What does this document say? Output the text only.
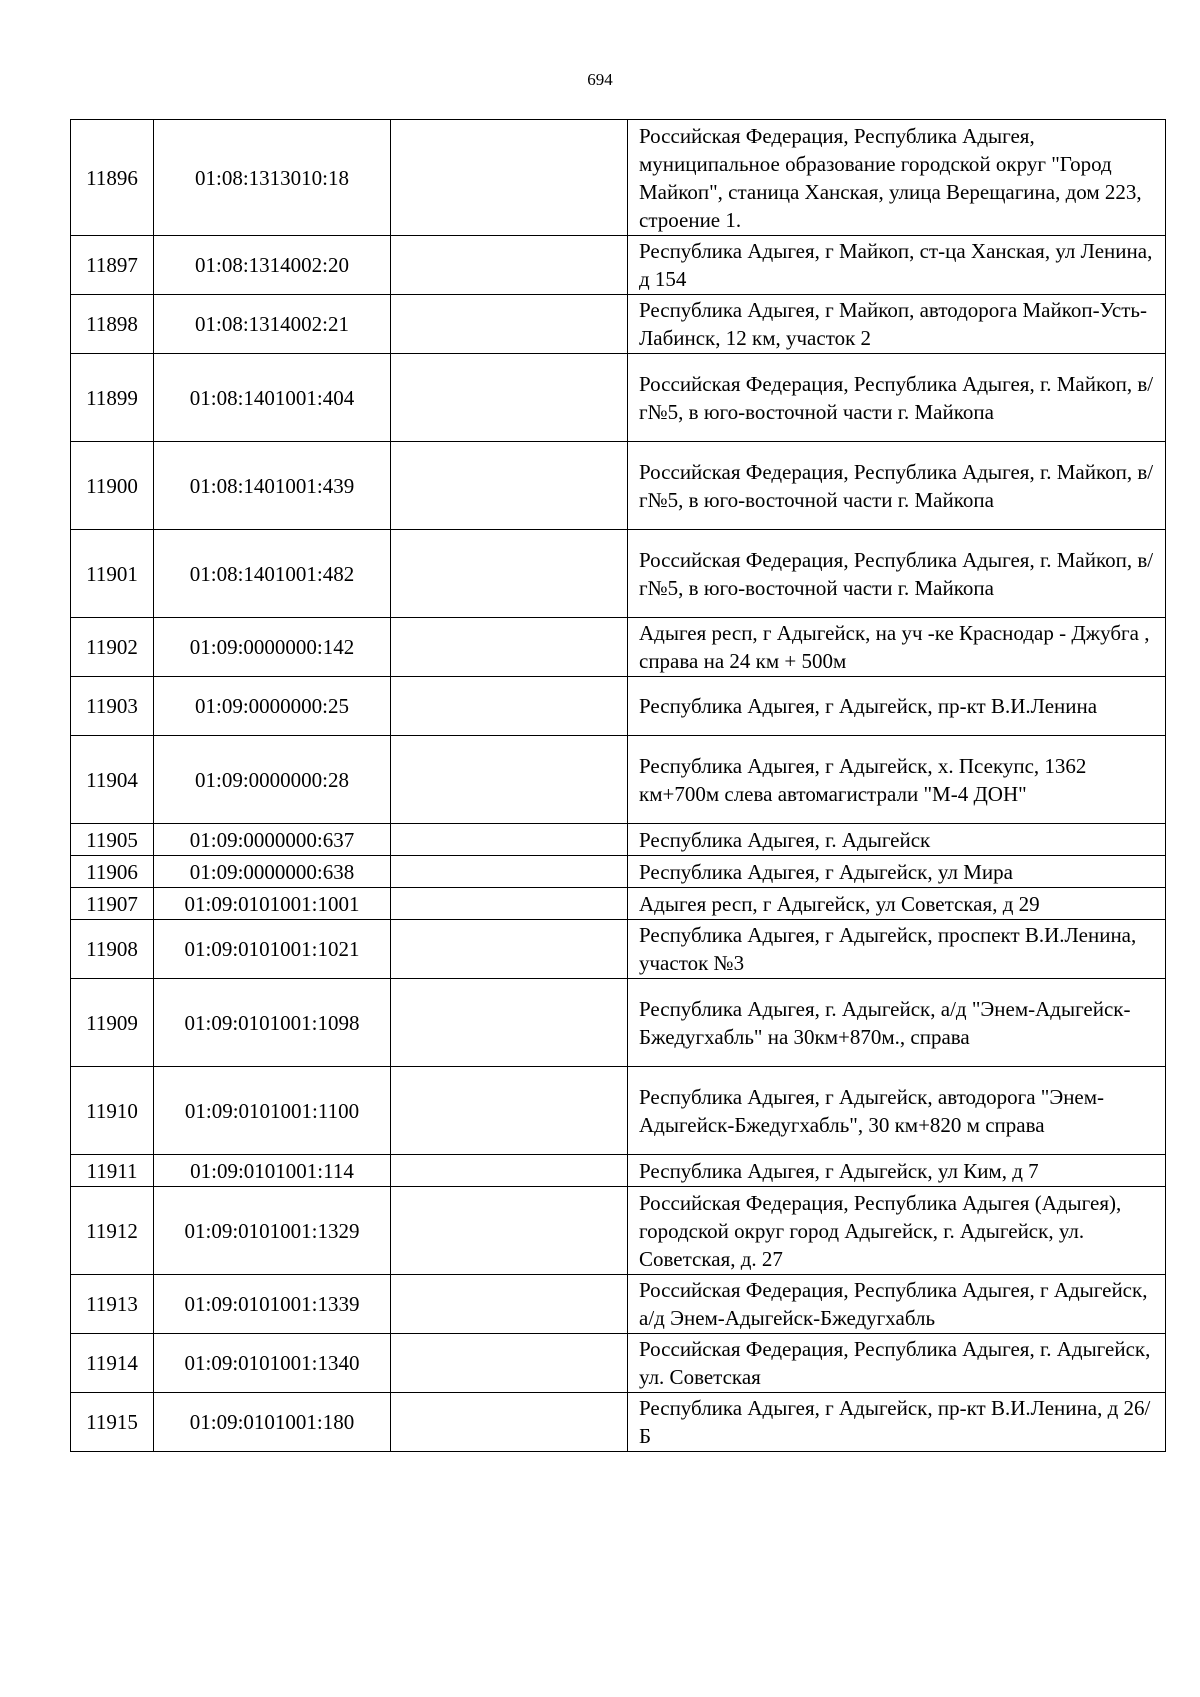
694
11896	01:08:1313010:18		Российская Федерация, Республика Адыгея, муниципальное образование городской округ "Город Майкоп", станица Ханская, улица Верещагина, дом 223, строение 1.
11897	01:08:1314002:20		Республика Адыгея, г Майкоп, ст-ца Ханская, ул Ленина, д 154
11898	01:08:1314002:21		Республика Адыгея, г Майкоп, автодорога Майкоп-Усть-Лабинск, 12 км, участок 2
11899	01:08:1401001:404		Российская Федерация, Республика Адыгея, г. Майкоп, в/г№5, в юго-восточной части г. Майкопа
11900	01:08:1401001:439		Российская Федерация, Республика Адыгея, г. Майкоп, в/г№5, в юго-восточной части г. Майкопа
11901	01:08:1401001:482		Российская Федерация, Республика Адыгея, г. Майкоп, в/г№5, в юго-восточной части г. Майкопа
11902	01:09:0000000:142		Адыгея респ, г Адыгейск, на уч -ке Краснодар - Джубга , справа на 24 км + 500м
11903	01:09:0000000:25		Республика Адыгея, г Адыгейск, пр-кт В.И.Ленина
11904	01:09:0000000:28		Республика Адыгея, г Адыгейск, х. Псекупс, 1362 км+700м слева автомагистрали "М-4 ДОН"
11905	01:09:0000000:637		Республика Адыгея, г. Адыгейск
11906	01:09:0000000:638		Республика Адыгея, г Адыгейск, ул Мира
11907	01:09:0101001:1001		Адыгея респ, г Адыгейск, ул Советская, д 29
11908	01:09:0101001:1021		Республика Адыгея, г Адыгейск, проспект В.И.Ленина, участок №3
11909	01:09:0101001:1098		Республика Адыгея, г. Адыгейск, а/д "Энем-Адыгейск-Бжедугхабль" на 30км+870м., справа
11910	01:09:0101001:1100		Республика Адыгея, г Адыгейск, автодорога "Энем-Адыгейск-Бжедугхабль", 30 км+820 м справа
11911	01:09:0101001:114		Республика Адыгея, г Адыгейск, ул Ким, д 7
11912	01:09:0101001:1329		Российская Федерация, Республика Адыгея (Адыгея), городской округ город Адыгейск, г. Адыгейск, ул. Советская, д. 27
11913	01:09:0101001:1339		Российская Федерация, Республика Адыгея, г Адыгейск, а/д Энем-Адыгейск-Бжедугхабль
11914	01:09:0101001:1340		Российская Федерация, Республика Адыгея, г. Адыгейск, ул. Советская
11915	01:09:0101001:180		Республика Адыгея, г Адыгейск, пр-кт В.И.Ленина, д 26/Б
